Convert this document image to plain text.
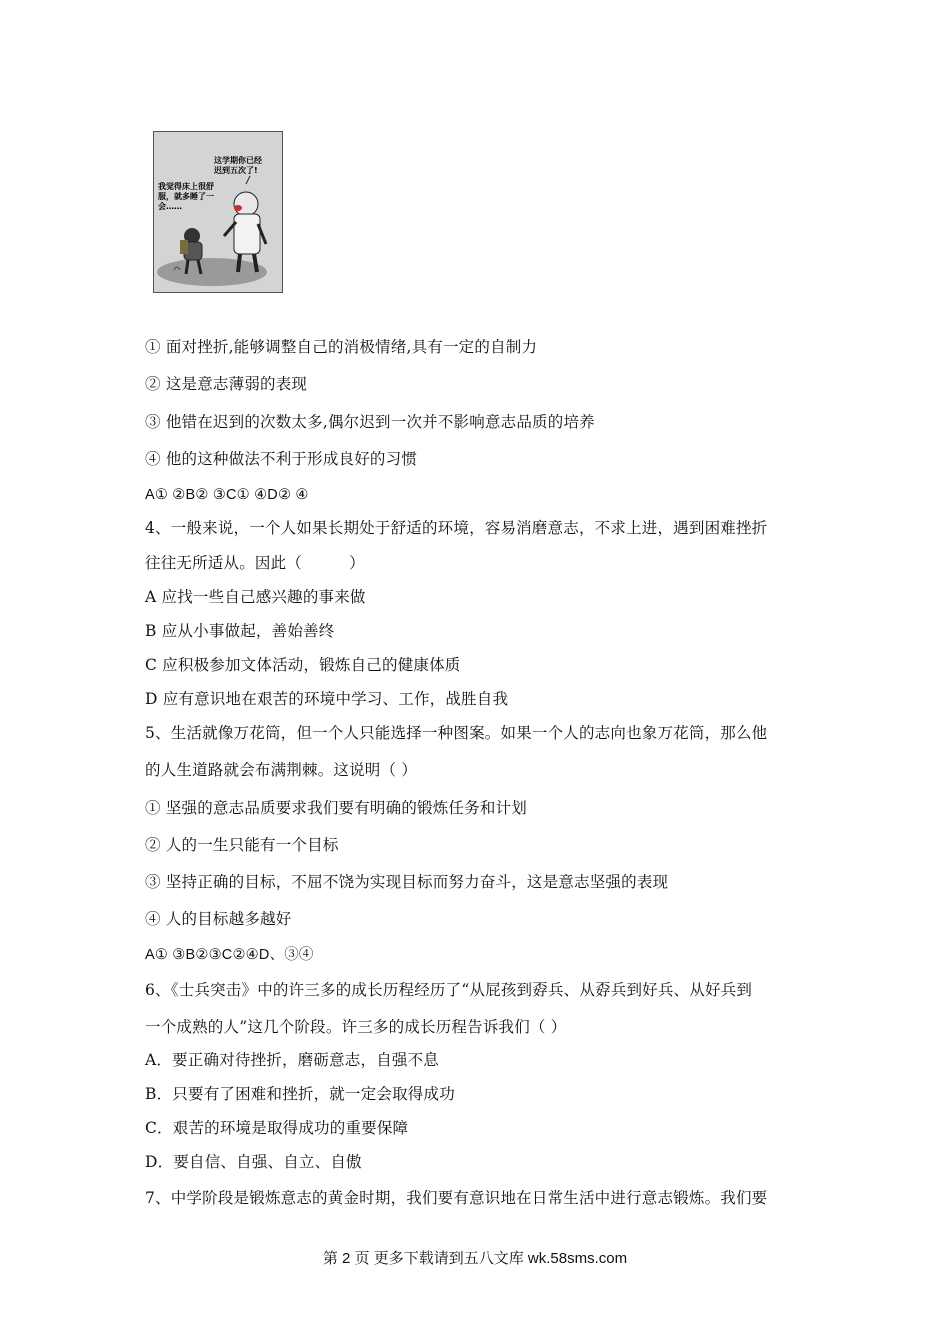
这学期你已经迟到五次了!
我觉得床上很舒服，就多睡了一会……
① 面对挫折,能够调整自己的消极情绪,具有一定的自制力
② 这是意志薄弱的表现
③ 他错在迟到的次数太多,偶尔迟到一次并不影响意志品质的培养
④ 他的这种做法不利于形成良好的习惯
A① ②B② ③C① ④D② ④
4、一般来说，一个人如果长期处于舒适的环境，容易消磨意志，不求上进，遇到困难挫折
往往无所适从。因此（　　　）
A 应找一些自己感兴趣的事来做
B 应从小事做起，善始善终
C 应积极参加文体活动，锻炼自己的健康体质
D 应有意识地在艰苦的环境中学习、工作，战胜自我
5、生活就像万花筒，但一个人只能选择一种图案。如果一个人的志向也象万花筒，那么他
的人生道路就会布满荆棘。这说明（ ）
① 坚强的意志品质要求我们要有明确的锻炼任务和计划
② 人的一生只能有一个目标
③ 坚持正确的目标，不屈不饶为实现目标而努力奋斗，这是意志坚强的表现
④ 人的目标越多越好
A① ③B②③C②④D、③④
6、《士兵突击》中的许三多的成长历程经历了“从屁孩到孬兵、从孬兵到好兵、从好兵到
一个成熟的人”这几个阶段。许三多的成长历程告诉我们（ ）
A．要正确对待挫折，磨砺意志，自强不息
B．只要有了困难和挫折，就一定会取得成功
C．艰苦的环境是取得成功的重要保障
D．要自信、自强、自立、自傲
7、中学阶段是锻炼意志的黄金时期，我们要有意识地在日常生活中进行意志锻炼。我们要
第 2 页 更多下载请到五八文库 wk.58sms.com
